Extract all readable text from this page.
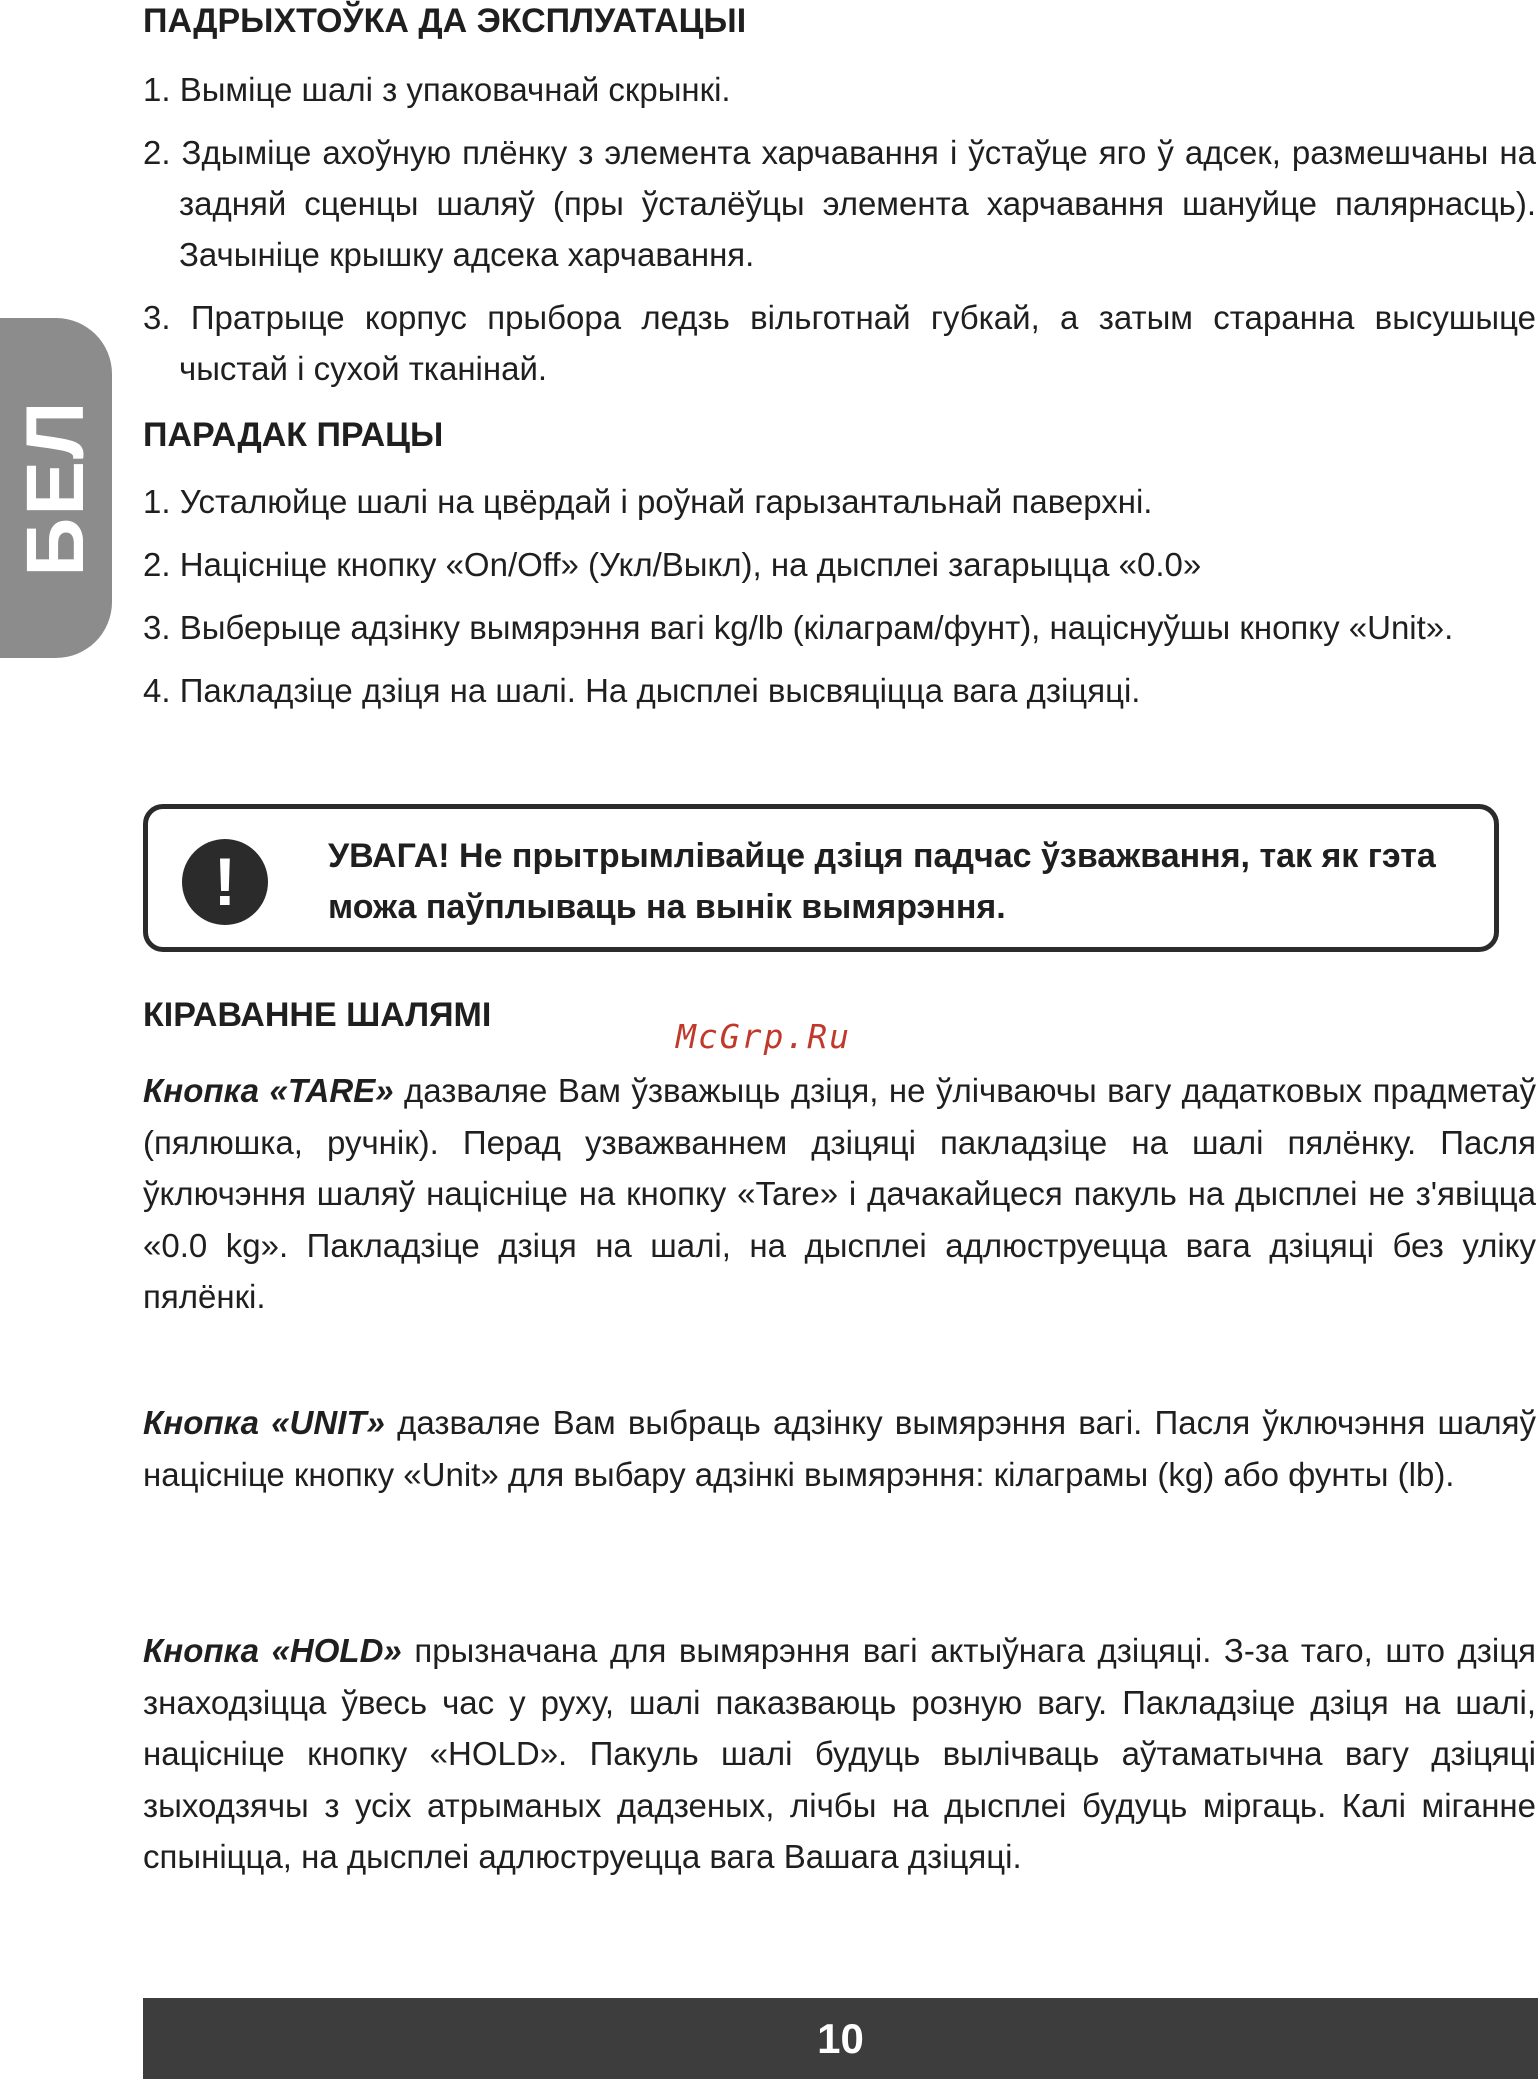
БЕЛ
ПАДРЫХТОЎКА ДА ЭКСПЛУАТАЦЫІ
1. Выміце шалі з упаковачнай скрынкі.
2. Здыміце ахоўную плёнку з элемента харчавання і ўстаўце яго ў адсек, размешчаны на задняй сценцы шаляў (пры ўсталёўцы элемента харчавання шануйце палярнасць). Зачыніце крышку адсека харчавання.
3. Пратрыце корпус прыбора ледзь вільготнай губкай, а затым старанна высушыце чыстай і сухой тканінай.
ПАРАДАК ПРАЦЫ
1. Усталюйце шалі на цвёрдай і роўнай гарызантальнай паверхні.
2. Націсніце кнопку «On/Off» (Укл/Выкл), на дысплеі загарыцца «0.0»
3. Выберыце адзінку вымярэння вагі kg/lb (кілаграм/фунт), націснуўшы кнопку «Unit».
4. Пакладзіце дзіця на шалі. На дысплеі высвяціцца вага дзіцяці.
!	УВАГА! Не прытрымлівайце дзіця падчас ўзважвання, так як гэта можа паўплываць на вынік вымярэння.
КІРАВАННЕ ШАЛЯМІ

Кнопка «TARE» дазваляе Вам ўзважыць дзіця, не ўлічваючы вагу дадатковых прадметаў (пялюшка, ручнік). Перад узважваннем дзіцяці пакладзіце на шалі пялёнку. Пасля ўключэння шаляў націсніце на кнопку «Tare» і дачакайцеся пакуль на дысплеі не з'явіцца «0.0 kg». Пакладзіце дзіця на шалі, на дысплеі адлюструецца вага дзіцяці без уліку пялёнкі.

Кнопка «UNIT» дазваляе Вам выбраць адзінку вымярэння вагі. Пасля ўключэння шаляў націсніце кнопку «Unit» для выбару адзінкі вымярэння: кілаграмы (kg) або фунты (lb).

Кнопка «HOLD» прызначана для вымярэння вагі актыўнага дзіцяці. З-за таго, што дзіця знаходзіцца ўвесь час у руху, шалі паказваюць розную вагу. Пакладзіце дзіця на шалі, націсніце кнопку «HOLD». Пакуль шалі будуць вылічваць аўтаматычна вагу дзіцяці зыходзячы з усіх атрыманых дадзеных, лічбы на дысплеі будуць міргаць. Калі міганне спыніцца, на дысплеі адлюструецца вага Вашага дзіцяці.

McGrp.Ru
10
